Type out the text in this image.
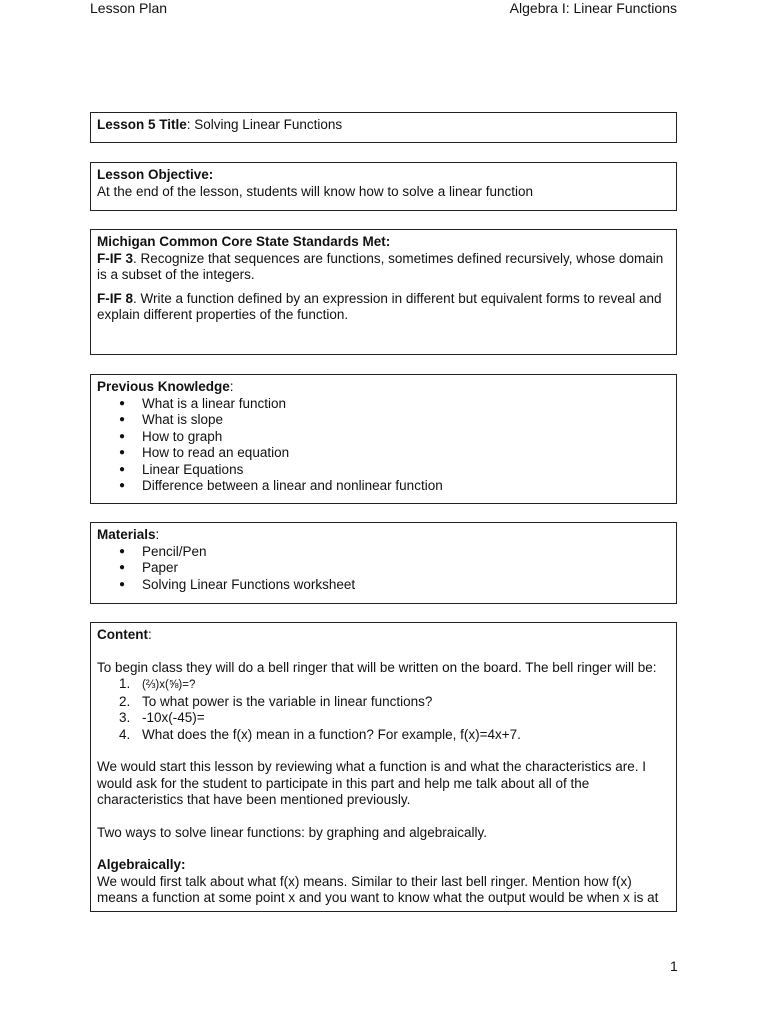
Lesson Plan	Algebra I: Linear Functions
Lesson 5 Title: Solving Linear Functions
Lesson Objective:

At the end of the lesson, students will know how to solve a linear function

Michigan Common Core State Standards Met:

F-IF 3. Recognize that sequences are functions, sometimes defined recursively, whose domain is a subset of the integers.

F-IF 8. Write a function defined by an expression in different but equivalent forms to reveal and explain different properties of the function.

Previous Knowledge:
● What is a linear function
● What is slope
● How to graph
● How to read an equation
● Linear Equations
● Difference between a linear and nonlinear function
Materials:
● Pencil/Pen
● Paper
● Solving Linear Functions worksheet
Content:

To begin class they will do a bell ringer that will be written on the board. The bell ringer will be:

1. (⅔)x(⅝)=?
2. To what power is the variable in linear functions?
3. -10x(-45)=
4. What does the f(x) mean in a function? For example, f(x)=4x+7.

We would start this lesson by reviewing what a function is and what the characteristics are. I would ask for the student to participate in this part and help me talk about all of the characteristics that have been mentioned previously.

Two ways to solve linear functions: by graphing and algebraically.

Algebraically:

We would first talk about what f(x) means. Similar to their last bell ringer. Mention how f(x) means a function at some point x and you want to know what the output would be when x is at

1
